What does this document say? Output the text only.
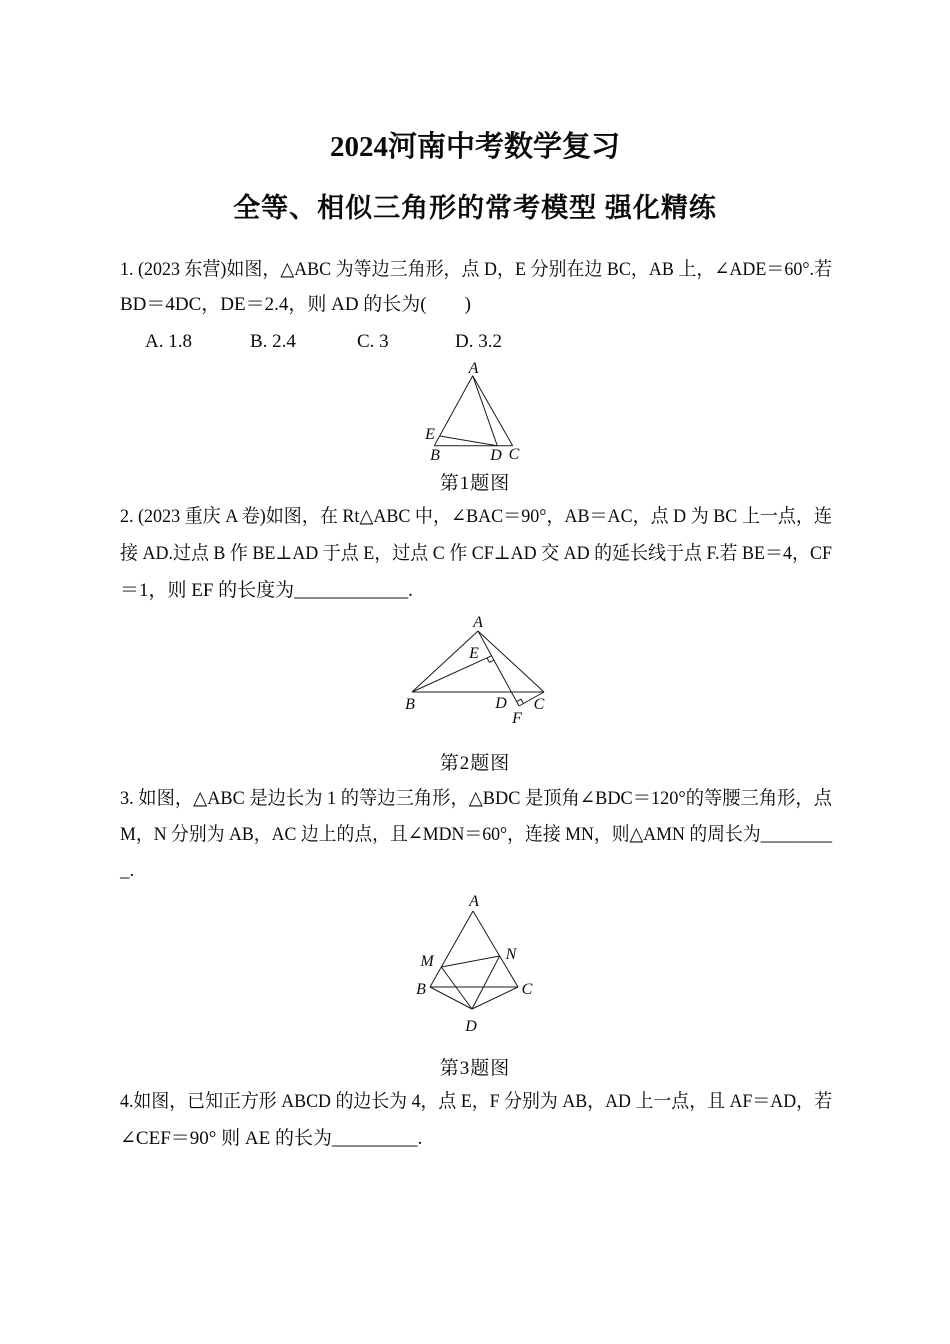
2024河南中考数学复习
全等、相似三角形的常考模型 强化精练
1. (2023 东营)如图，△ABC 为等边三角形，点 D，E 分别在边 BC，AB 上，∠ADE＝60°.若
BD＝4DC，DE＝2.4，则 AD 的长为(　　)
A. 1.8	B. 2.4	C. 3	D. 3.2
A
E
B	D C
第1题图
2. (2023 重庆 A 卷)如图，在 Rt△ABC 中，∠BAC＝90°，AB＝AC，点 D 为 BC 上一点，连
接 AD.过点 B 作 BE⊥AD 于点 E，过点 C 作 CF⊥AD 交 AD 的延长线于点 F.若 BE＝4，CF
＝1，则 EF 的长度为____________.
A
E
B	D C
F
第2题图
3. 如图，△ABC 是边长为 1 的等边三角形，△BDC 是顶角∠BDC＝120°的等腰三角形，点
M，N 分别为 AB，AC 边上的点，且∠MDN＝60°，连接 MN，则△AMN 的周长为________
_.
A
M	N
B	C
D
第3题图
4.如图，已知正方形 ABCD 的边长为 4，点 E，F 分别为 AB，AD 上一点，且 AF＝AD，若
∠CEF＝90° 则 AE 的长为_________.
